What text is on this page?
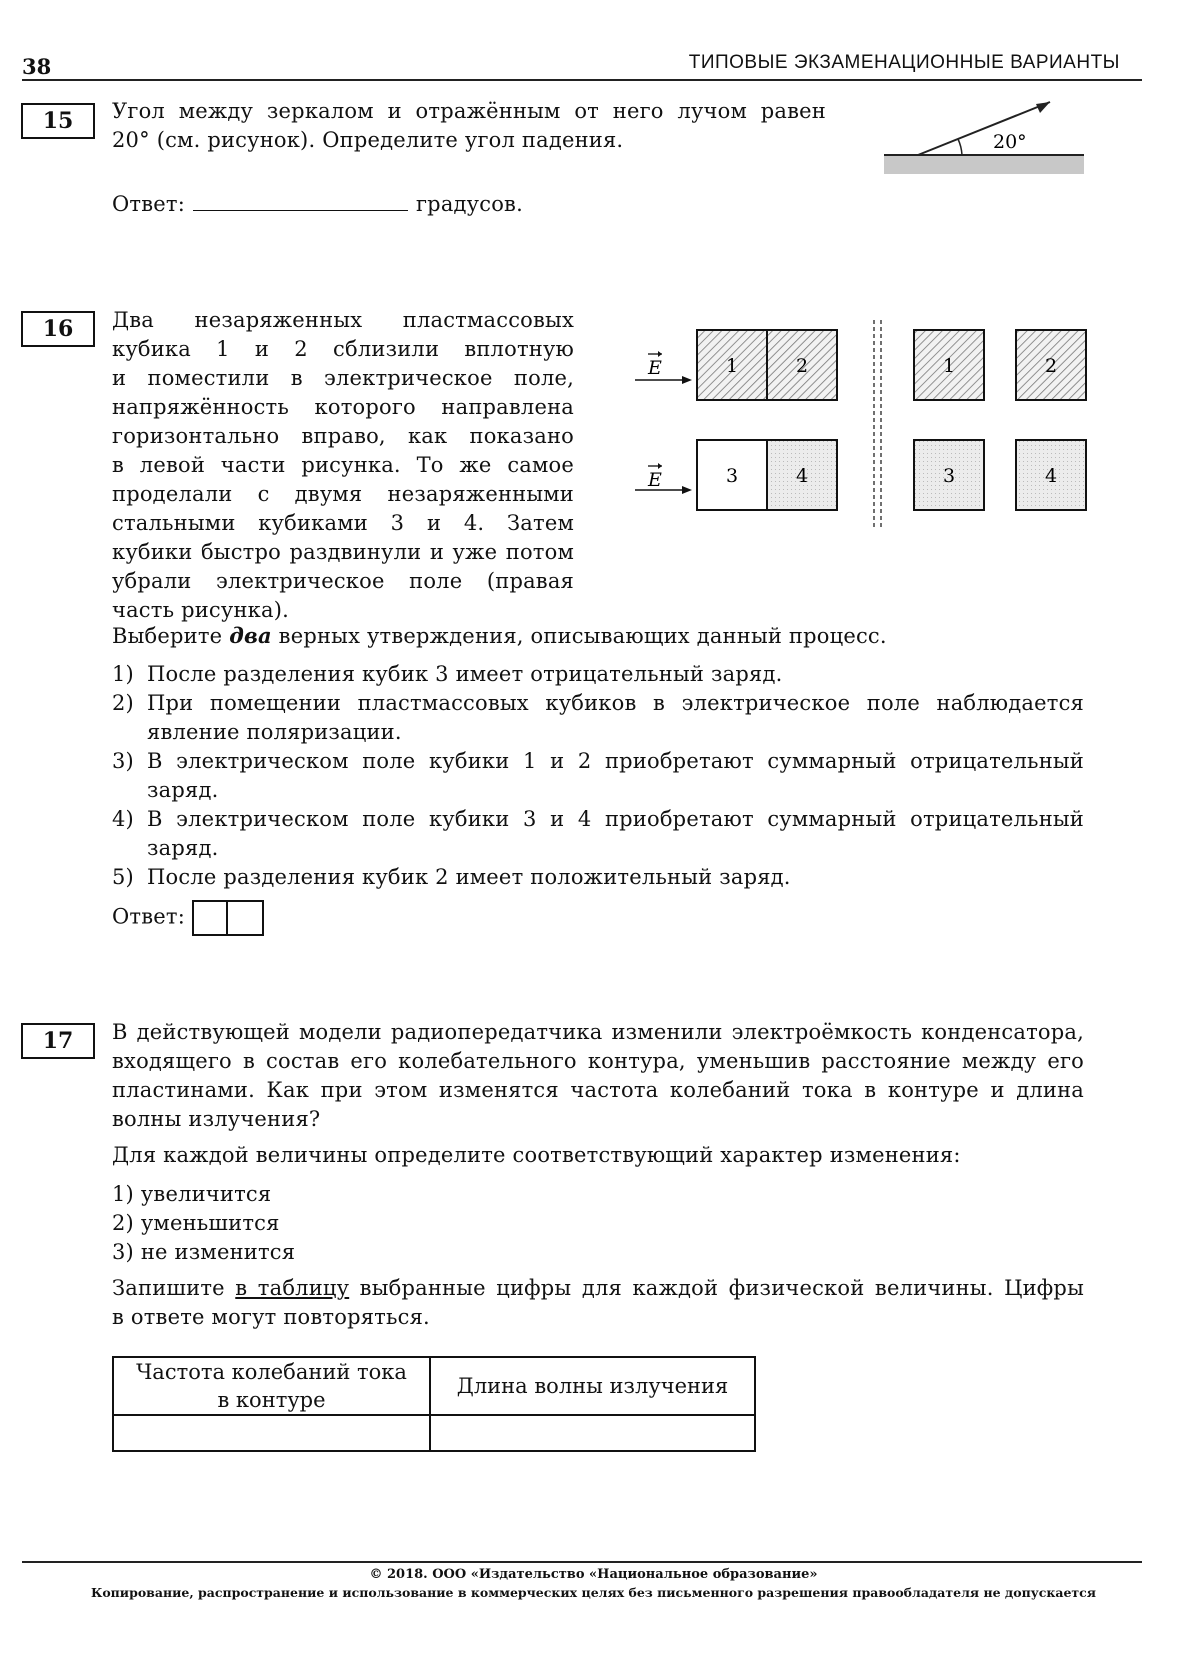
38	ТИПОВЫЕ ЭКЗАМЕНАЦИОННЫЕ ВАРИАНТЫ
15	Угол между зеркалом и отражённым от него лучом равен
20° (см. рисунок). Определите угол падения.	20°
Ответ:	градусов.
16	Два незаряженных пластмассовых
кубика 1 и 2 сблизили вплотную
и поместили в электрическое поле,
напряжённость которого направлена
горизонтально вправо, как показано
в левой части рисунка. То же самое
проделали с двумя незаряженными
стальными кубиками 3 и 4. Затем
кубики быстро раздвинули и уже потом
убрали электрическое поле (правая
часть рисунка).
E	1	2
E	3	4
1	2
3	4
Выберите два верных утверждения, описывающих данный процесс.
1) После разделения кубик 3 имеет отрицательный заряд.
2) При помещении пластмассовых кубиков в электрическое поле наблюдается
явление поляризации.
3) В электрическом поле кубики 1 и 2 приобретают суммарный отрицательный
заряд.
4) В электрическом поле кубики 3 и 4 приобретают суммарный отрицательный
заряд.
5) После разделения кубик 2 имеет положительный заряд.
Ответ:
17	В действующей модели радиопередатчика изменили электроёмкость конденсатора,
входящего в состав его колебательного контура, уменьшив расстояние между его
пластинами. Как при этом изменятся частота колебаний тока в контуре и длина
волны излучения?
Для каждой величины определите соответствующий характер изменения:
1) увеличится
2) уменьшится
3) не изменится
Запишите в таблицу выбранные цифры для каждой физической величины. Цифры
в ответе могут повторяться.
Частота колебаний тока
в контуре	Длина волны излучения

© 2018. ООО «Издательство «Национальное образование»
Копирование, распространение и использование в коммерческих целях без письменного разрешения правообладателя не допускается
